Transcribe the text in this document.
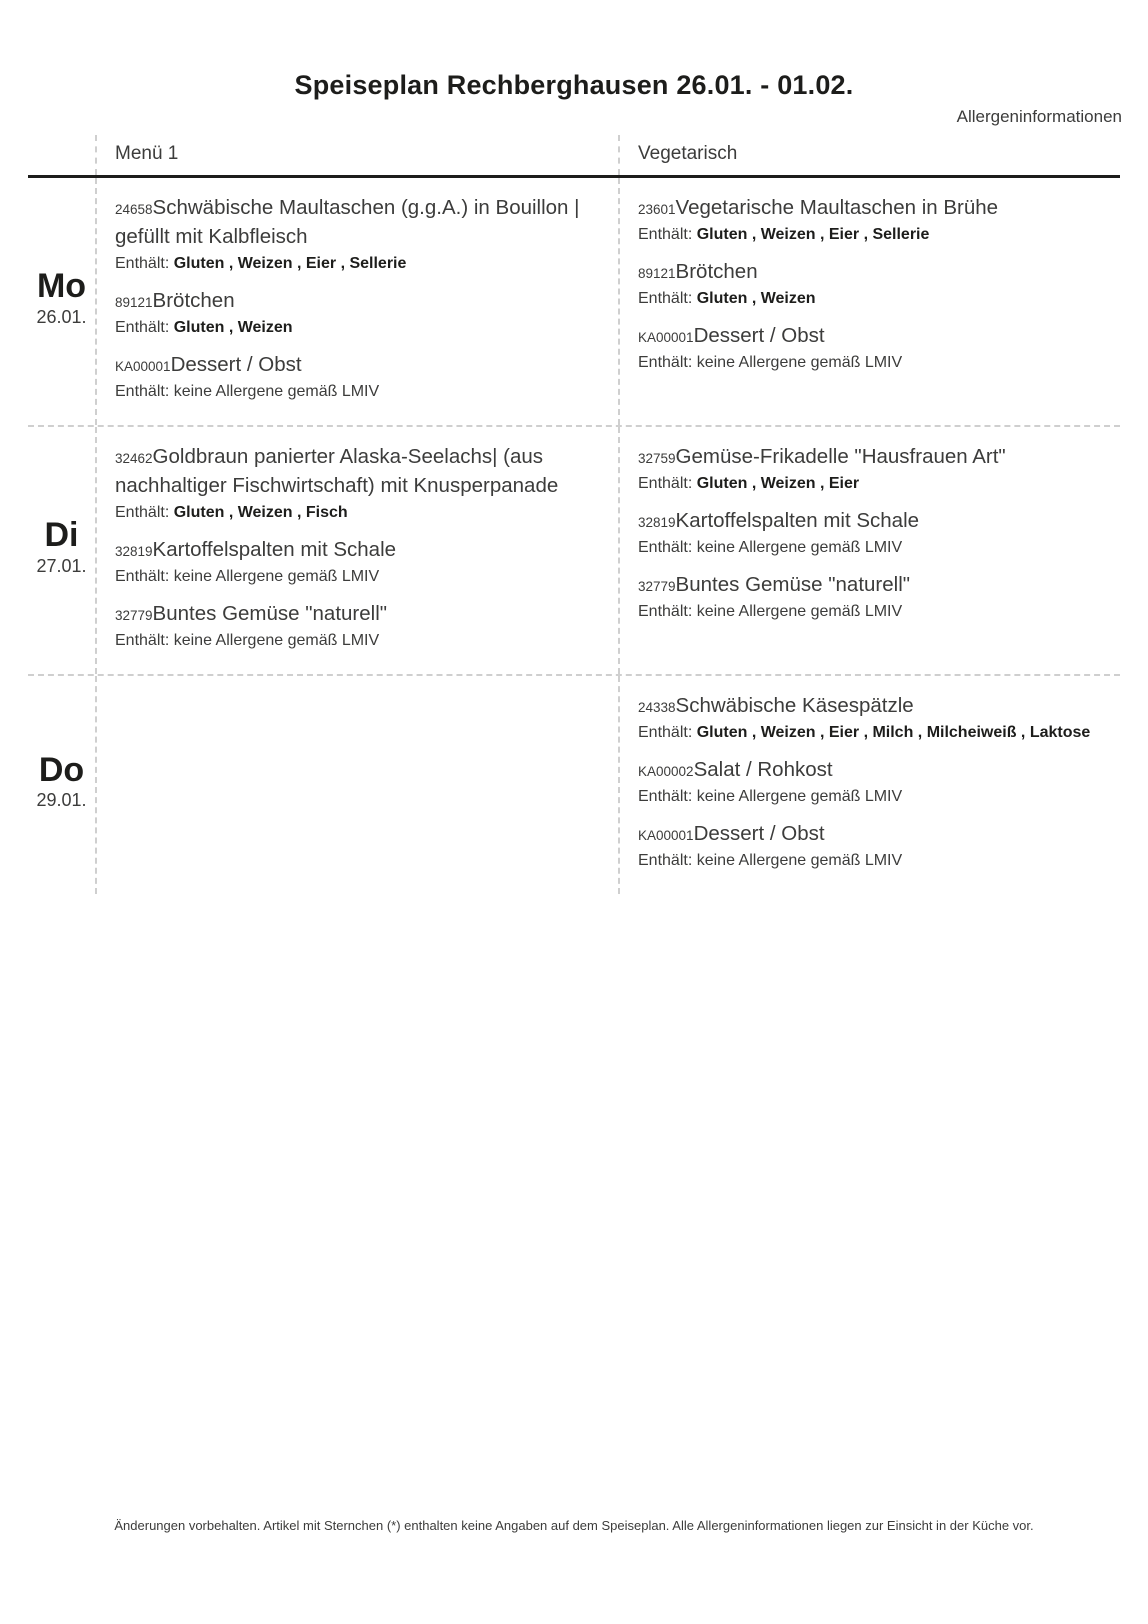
Speiseplan Rechberghausen 26.01. - 01.02.
Allergeninformationen
Menü 1	Vegetarisch
Mo
26.01.
24658Schwäbische Maultaschen (g.g.A.) in Bouillon | gefüllt mit Kalbfleisch
Enthält: Gluten , Weizen , Eier , Sellerie
89121Brötchen
Enthält: Gluten , Weizen
KA00001Dessert / Obst
Enthält: keine Allergene gemäß LMIV
23601Vegetarische Maultaschen in Brühe
Enthält: Gluten , Weizen , Eier , Sellerie
89121Brötchen
Enthält: Gluten , Weizen
KA00001Dessert / Obst
Enthält: keine Allergene gemäß LMIV
Di
27.01.
32462Goldbraun panierter Alaska-Seelachs| (aus nachhaltiger Fischwirtschaft) mit Knusperpanade
Enthält: Gluten , Weizen , Fisch
32819Kartoffelspalten mit Schale
Enthält: keine Allergene gemäß LMIV
32779Buntes Gemüse "naturell"
Enthält: keine Allergene gemäß LMIV
32759Gemüse-Frikadelle "Hausfrauen Art"
Enthält: Gluten , Weizen , Eier
32819Kartoffelspalten mit Schale
Enthält: keine Allergene gemäß LMIV
32779Buntes Gemüse "naturell"
Enthält: keine Allergene gemäß LMIV
Do
29.01.
24338Schwäbische Käsespätzle
Enthält: Gluten , Weizen , Eier , Milch , Milcheiweiß , Laktose
KA00002Salat / Rohkost
Enthält: keine Allergene gemäß LMIV
KA00001Dessert / Obst
Enthält: keine Allergene gemäß LMIV
Änderungen vorbehalten. Artikel mit Sternchen (*) enthalten keine Angaben auf dem Speiseplan. Alle Allergeninformationen liegen zur Einsicht in der Küche vor.
